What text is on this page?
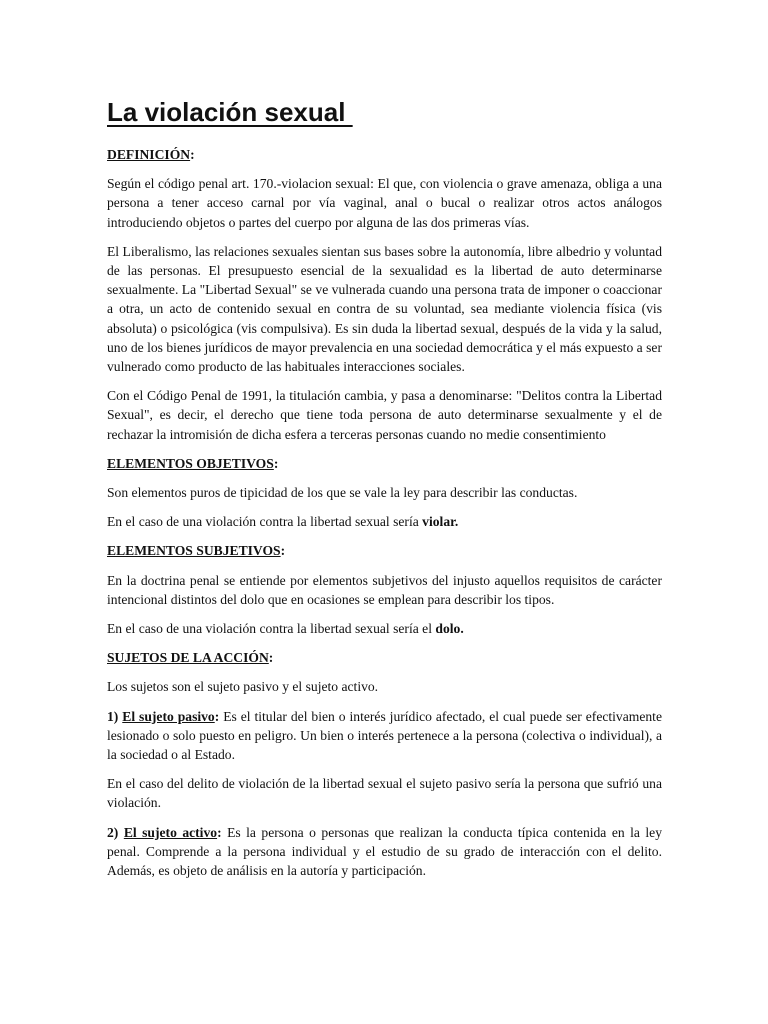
La violación sexual
DEFINICIÓN:

Según el código penal art. 170.-violacion sexual: El que, con violencia o grave amenaza, obliga a una persona a tener acceso carnal por vía vaginal, anal o bucal o realizar otros actos análogos introduciendo objetos o partes del cuerpo por alguna de las dos primeras vías.

El Liberalismo, las relaciones sexuales sientan sus bases sobre la autonomía, libre albedrio y voluntad de las personas. El presupuesto esencial de la sexualidad es la libertad de auto determinarse sexualmente. La "Libertad Sexual" se ve vulnerada cuando una persona trata de imponer o coaccionar a otra, un acto de contenido sexual en contra de su voluntad, sea mediante violencia física (vis absoluta) o psicológica (vis compulsiva). Es sin duda la libertad sexual, después de la vida y la salud, uno de los bienes jurídicos de mayor prevalencia en una sociedad democrática y el más expuesto a ser vulnerado como producto de las habituales interacciones sociales.

Con el Código Penal de 1991, la titulación cambia, y pasa a denominarse: "Delitos contra la Libertad Sexual", es decir, el derecho que tiene toda persona de auto determinarse sexualmente y el de rechazar la intromisión de dicha esfera a terceras personas cuando no medie consentimiento

ELEMENTOS OBJETIVOS:

Son elementos puros de tipicidad de los que se vale la ley para describir las conductas.

En el caso de una violación contra la libertad sexual sería violar.

ELEMENTOS SUBJETIVOS:

En la doctrina penal se entiende por elementos subjetivos del injusto aquellos requisitos de carácter intencional distintos del dolo que en ocasiones se emplean para describir los tipos.

En el caso de una violación contra la libertad sexual sería el dolo.

SUJETOS DE LA ACCIÓN:

Los sujetos son el sujeto pasivo y el sujeto activo.

1) El sujeto pasivo: Es el titular del bien o interés jurídico afectado, el cual puede ser efectivamente lesionado o solo puesto en peligro. Un bien o interés pertenece a la persona (colectiva o individual), a la sociedad o al Estado.

En el caso del delito de violación de la libertad sexual el sujeto pasivo sería la persona que sufrió una violación.

2) El sujeto activo: Es la persona o personas que realizan la conducta típica contenida en la ley penal. Comprende a la persona individual y el estudio de su grado de interacción con el delito. Además, es objeto de análisis en la autoría y participación.
